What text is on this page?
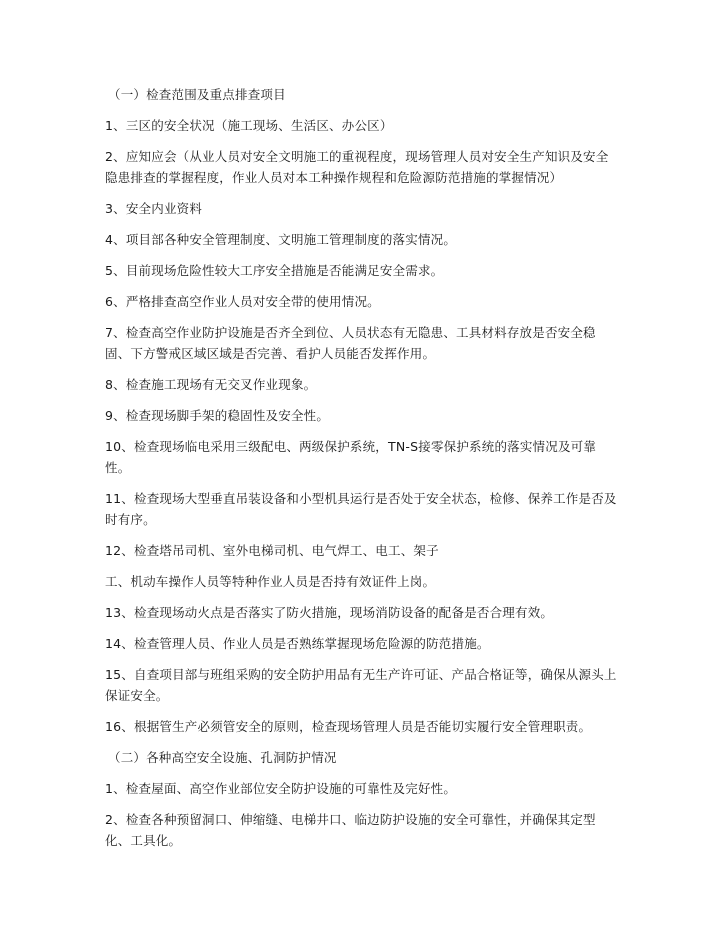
（一）检查范围及重点排查项目

1、三区的安全状况（施工现场、生活区、办公区）

2、应知应会（从业人员对安全文明施工的重视程度，现场管理人员对安全生产知识及安全隐患排查的掌握程度，作业人员对本工种操作规程和危险源防范措施的掌握情况）

3、安全内业资料

4、项目部各种安全管理制度、文明施工管理制度的落实情况。

5、目前现场危险性较大工序安全措施是否能满足安全需求。

6、严格排查高空作业人员对安全带的使用情况。

7、检查高空作业防护设施是否齐全到位、人员状态有无隐患、工具材料存放是否安全稳固、下方警戒区域区域是否完善、看护人员能否发挥作用。

8、检查施工现场有无交叉作业现象。

9、检查现场脚手架的稳固性及安全性。

10、检查现场临电采用三级配电、两级保护系统，TN-S接零保护系统的落实情况及可靠性。

11、检查现场大型垂直吊装设备和小型机具运行是否处于安全状态，检修、保养工作是否及时有序。

12、检查塔吊司机、室外电梯司机、电气焊工、电工、架子

工、机动车操作人员等特种作业人员是否持有效证件上岗。

13、检查现场动火点是否落实了防火措施，现场消防设备的配备是否合理有效。

14、检查管理人员、作业人员是否熟练掌握现场危险源的防范措施。

15、自查项目部与班组采购的安全防护用品有无生产许可证、产品合格证等，确保从源头上保证安全。

16、根据管生产必须管安全的原则，检查现场管理人员是否能切实履行安全管理职责。

（二）各种高空安全设施、孔洞防护情况

1、检查屋面、高空作业部位安全防护设施的可靠性及完好性。

2、检查各种预留洞口、伸缩缝、电梯井口、临边防护设施的安全可靠性，并确保其定型化、工具化。
